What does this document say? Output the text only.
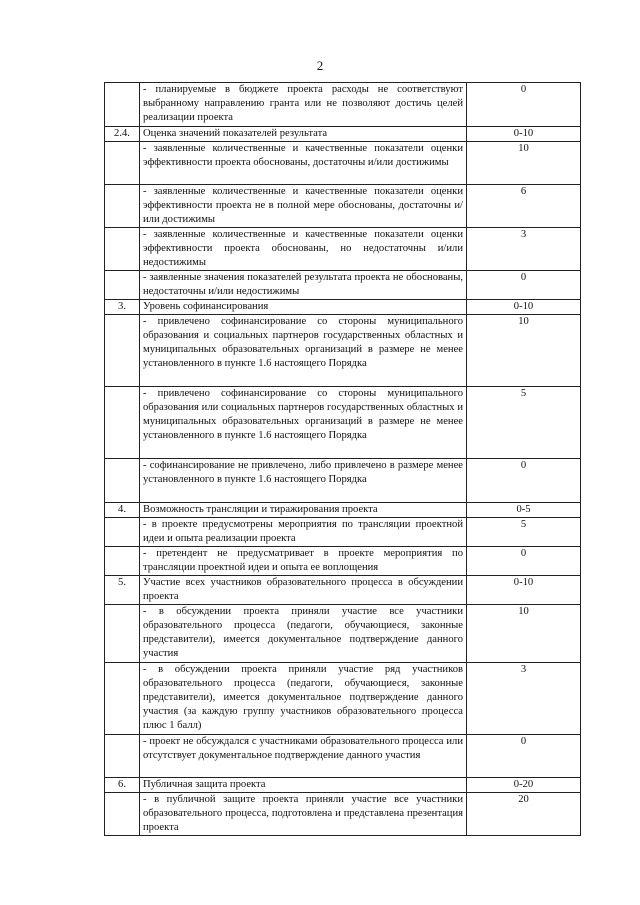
2

	- планируемые в бюджете проекта расходы не соответствуют выбранному направлению гранта или не позволяют достичь целей реализации проекта	0

2.4.	Оценка значений показателей результата	0-10

	- заявленные количественные и качественные показатели оценки эффективности проекта обоснованы, достаточны и/или достижимы	10

	- заявленные количественные и качественные показатели оценки эффективности проекта не в полной мере обоснованы, достаточны и/или достижимы	6

	- заявленные количественные и качественные показатели оценки эффективности проекта обоснованы, но недостаточны и/или недостижимы	3

	- заявленные значения показателей результата проекта не обоснованы, недостаточны и/или недостижимы	0

3.	Уровень софинансирования	0-10

	- привлечено софинансирование со стороны муниципального образования и социальных партнеров государственных областных и муниципальных образовательных организаций в размере не менее установленного в пункте 1.6 настоящего Порядка	10

	- привлечено софинансирование со стороны муниципального образования или социальных партнеров государственных областных и муниципальных образовательных организаций в размере не менее установленного в пункте 1.6 настоящего Порядка	5

	- софинансирование не привлечено, либо привлечено в размере менее установленного в пункте 1.6 настоящего Порядка	0

4.	Возможность трансляции и тиражирования проекта	0-5

	- в проекте предусмотрены мероприятия по трансляции проектной идеи и опыта реализации проекта	5

	- претендент не предусматривает в проекте мероприятия по трансляции проектной идеи и опыта ее воплощения	0

5.	Участие всех участников образовательного процесса в обсуждении проекта	0-10

	- в обсуждении проекта приняли участие все участники образовательного процесса (педагоги, обучающиеся, законные представители), имеется документальное подтверждение данного участия	10

	- в обсуждении проекта приняли участие ряд участников образовательного процесса (педагоги, обучающиеся, законные представители), имеется документальное подтверждение данного участия (за каждую группу участников образовательного процесса плюс 1 балл)	3

	- проект не обсуждался с участниками образовательного процесса или отсутствует документальное подтверждение данного участия	0

6.	Публичная защита проекта	0-20

	- в публичной защите проекта приняли участие все участники образовательного процесса, подготовлена и представлена презентация проекта	20
